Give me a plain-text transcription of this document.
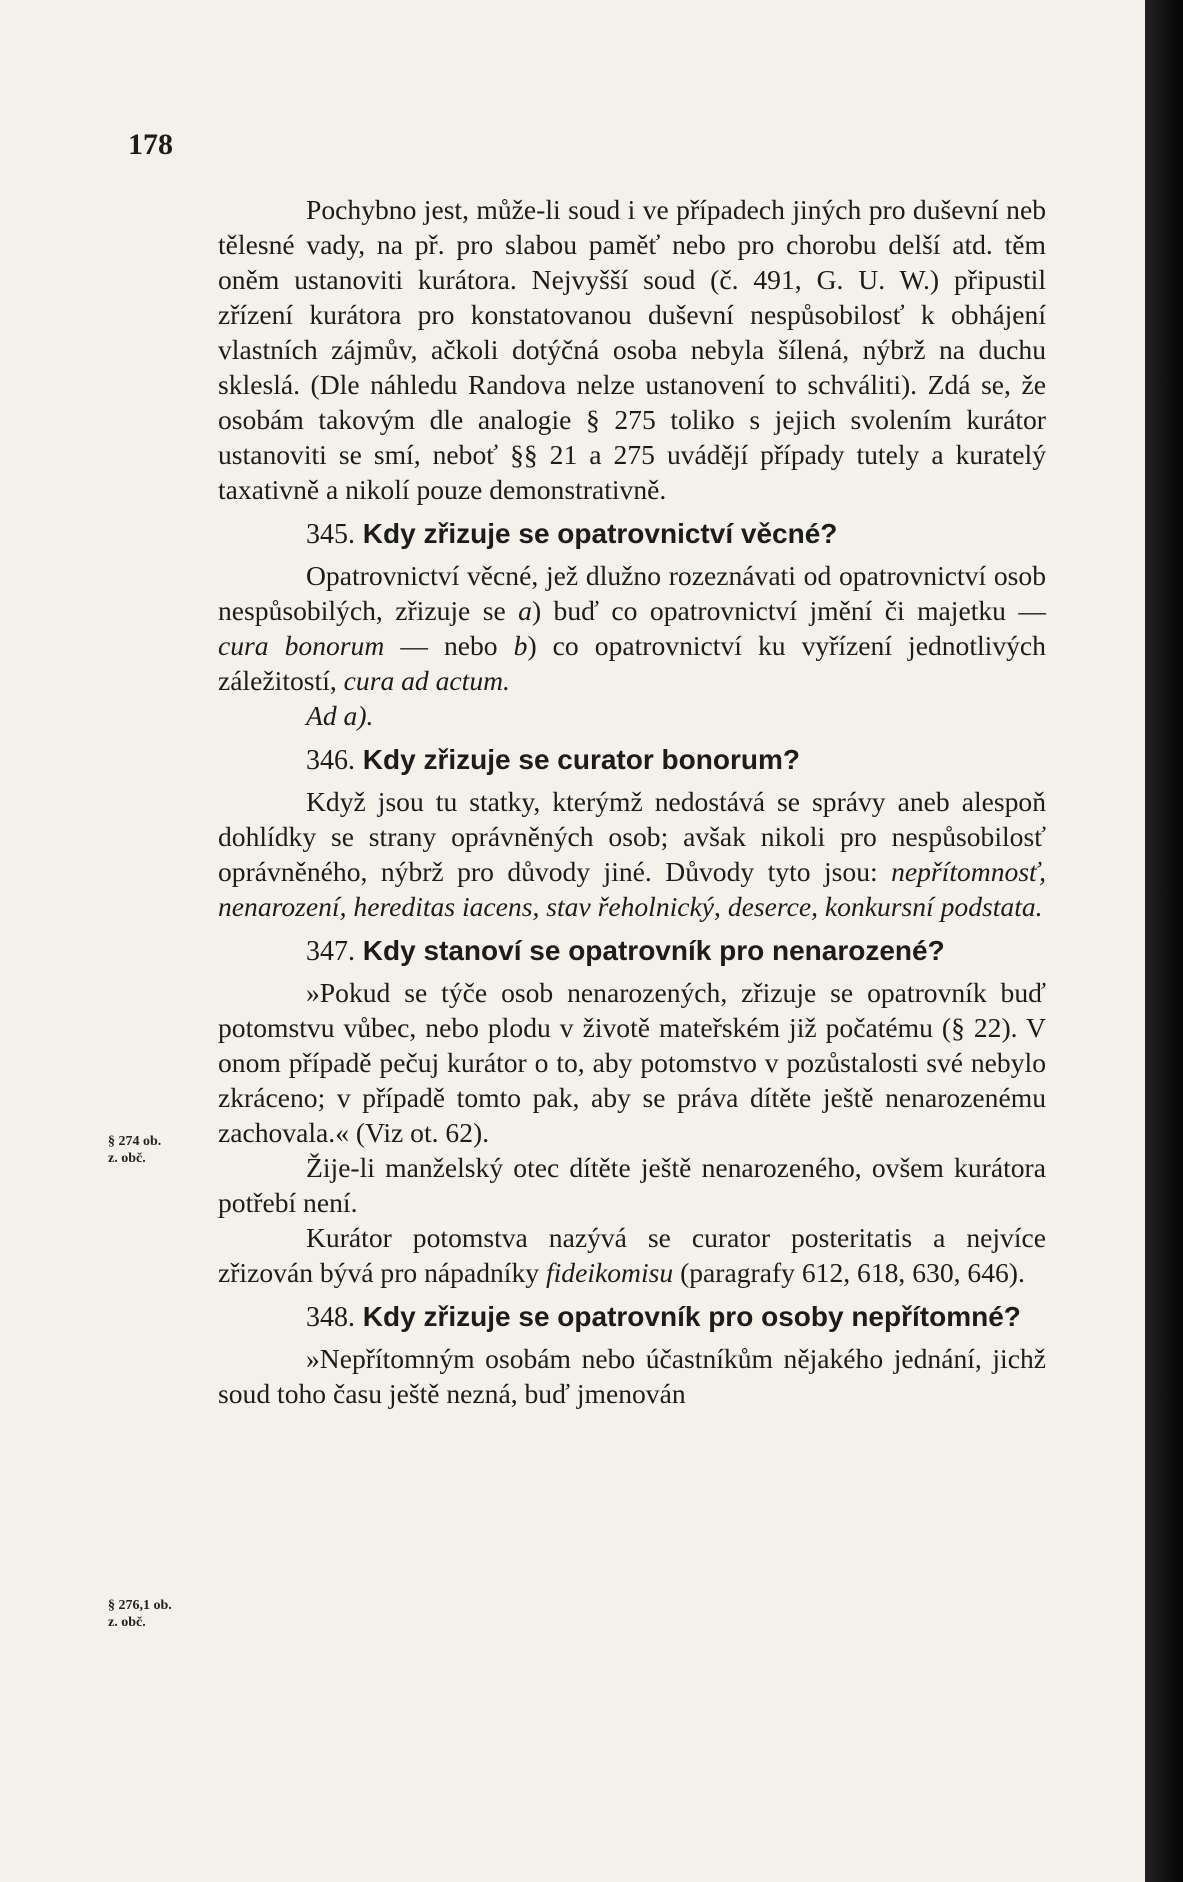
178
§ 274 ob.
z. obč.
§ 276,1 ob.
z. obč.

Pochybno jest, může-li soud i ve případech jiných pro duševní neb tělesné vady, na př. pro slabou paměť nebo pro chorobu delší atd. těm oněm ustanoviti kurátora. Nejvyšší soud (č. 491, G. U. W.) připustil zřízení kurátora pro konstatovanou duševní nespůsobilosť k obhájení vlastních zájmův, ačkoli dotýčná osoba nebyla šílená, nýbrž na duchu skleslá. (Dle náhledu Randova nelze ustanovení to schváliti). Zdá se, že osobám takovým dle analogie § 275 toliko s jejich svolením kurátor ustanoviti se smí, neboť §§ 21 a 275 uvádějí případy tutely a kuratelý taxativně a nikolí pouze demonstrativně.

345. Kdy zřizuje se opatrovnictví věcné?

Opatrovnictví věcné, jež dlužno rozeznávati od opatrovnictví osob nespůsobilých, zřizuje se a) buď co opatrovnictví jmění či majetku — cura bonorum — nebo b) co opatrovnictví ku vyřízení jednotlivých záležitostí, cura ad actum.

Ad a).

346. Kdy zřizuje se curator bonorum?

Když jsou tu statky, kterýmž nedostává se správy aneb alespoň dohlídky se strany oprávněných osob; avšak nikoli pro nespůsobilosť oprávněného, nýbrž pro důvody jiné. Důvody tyto jsou: nepřítomnosť, nenarození, hereditas iacens, stav řeholnický, deserce, konkursní podstata.

347. Kdy stanoví se opatrovník pro nenarozené?

»Pokud se týče osob nenarozených, zřizuje se opatrovník buď potomstvu vůbec, nebo plodu v životě mateřském již počatému (§ 22). V onom případě pečuj kurátor o to, aby potomstvo v pozůstalosti své nebylo zkráceno; v případě tomto pak, aby se práva dítěte ještě nenarozenému zachovala.« (Viz ot. 62).

Žije-li manželský otec dítěte ještě nenarozeného, ovšem kurátora potřebí není.

Kurátor potomstva nazývá se curator posteritatis a nejvíce zřizován bývá pro nápadníky fideikomisu (paragrafy 612, 618, 630, 646).

348. Kdy zřizuje se opatrovník pro osoby nepřítomné?

»Nepřítomným osobám nebo účastníkům nějakého jednání, jichž soud toho času ještě nezná, buď jmenován
